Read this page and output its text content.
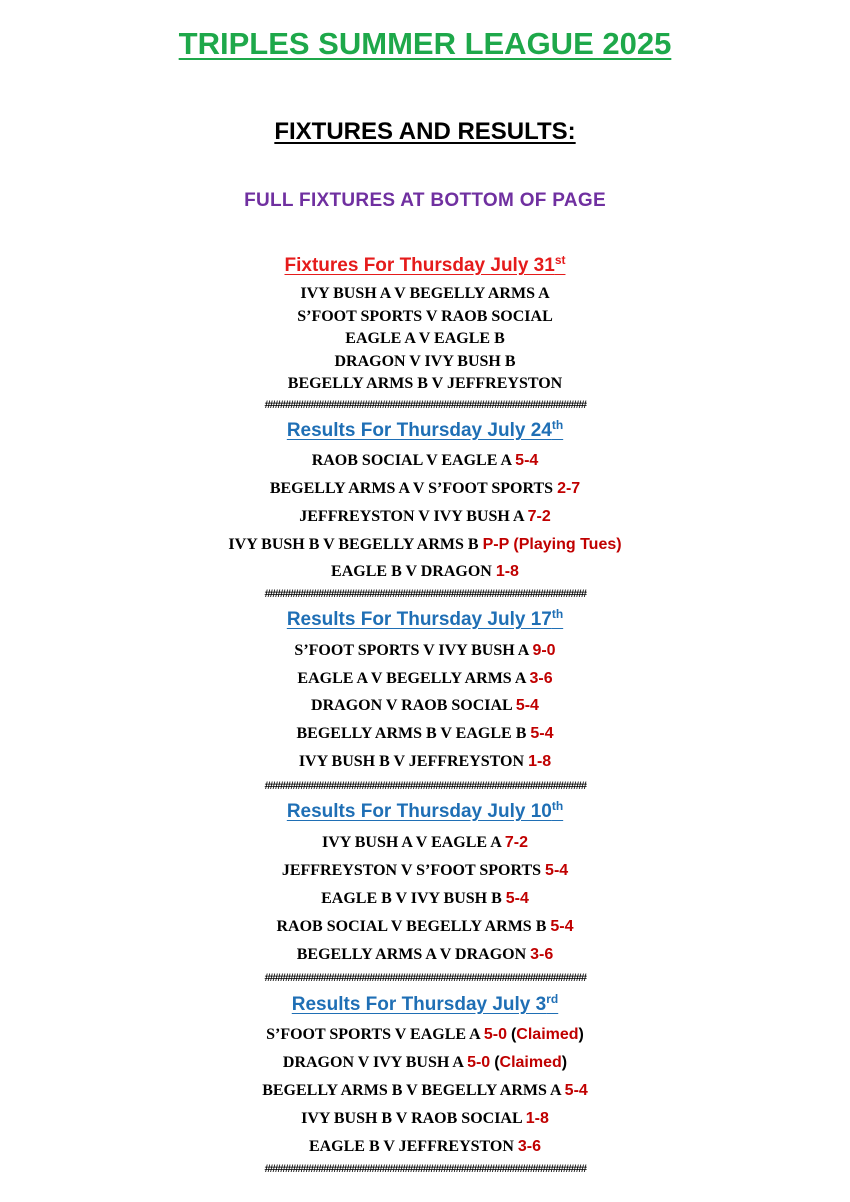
TRIPLES SUMMER LEAGUE 2025
FIXTURES AND RESULTS:
FULL FIXTURES AT BOTTOM OF PAGE
Fixtures For Thursday July 31st
IVY BUSH A V BEGELLY ARMS A
S’FOOT SPORTS V RAOB SOCIAL
EAGLE A V EAGLE B
DRAGON V IVY BUSH B
BEGELLY ARMS B V JEFFREYSTON
###############################################################
Results For Thursday July 24th
RAOB SOCIAL V EAGLE A 5-4
BEGELLY ARMS A V S’FOOT SPORTS 2-7
JEFFREYSTON V IVY BUSH A 7-2
IVY BUSH B V BEGELLY ARMS B P-P (Playing Tues)
EAGLE B V DRAGON 1-8
###############################################################
Results For Thursday July 17th
S’FOOT SPORTS V IVY BUSH A 9-0
EAGLE A V BEGELLY ARMS A 3-6
DRAGON V RAOB SOCIAL 5-4
BEGELLY ARMS B V EAGLE B 5-4
IVY BUSH B V JEFFREYSTON 1-8
###############################################################
Results For Thursday July 10th
IVY BUSH A V EAGLE A 7-2
JEFFREYSTON V S’FOOT SPORTS 5-4
EAGLE B V IVY BUSH B 5-4
RAOB SOCIAL V BEGELLY ARMS B 5-4
BEGELLY ARMS A V DRAGON 3-6
###############################################################
Results For Thursday July 3rd
S’FOOT SPORTS V EAGLE A 5-0 (Claimed)
DRAGON V IVY BUSH A 5-0 (Claimed)
BEGELLY ARMS B V BEGELLY ARMS A 5-4
IVY BUSH B V RAOB SOCIAL 1-8
EAGLE B V JEFFREYSTON 3-6
###############################################################
